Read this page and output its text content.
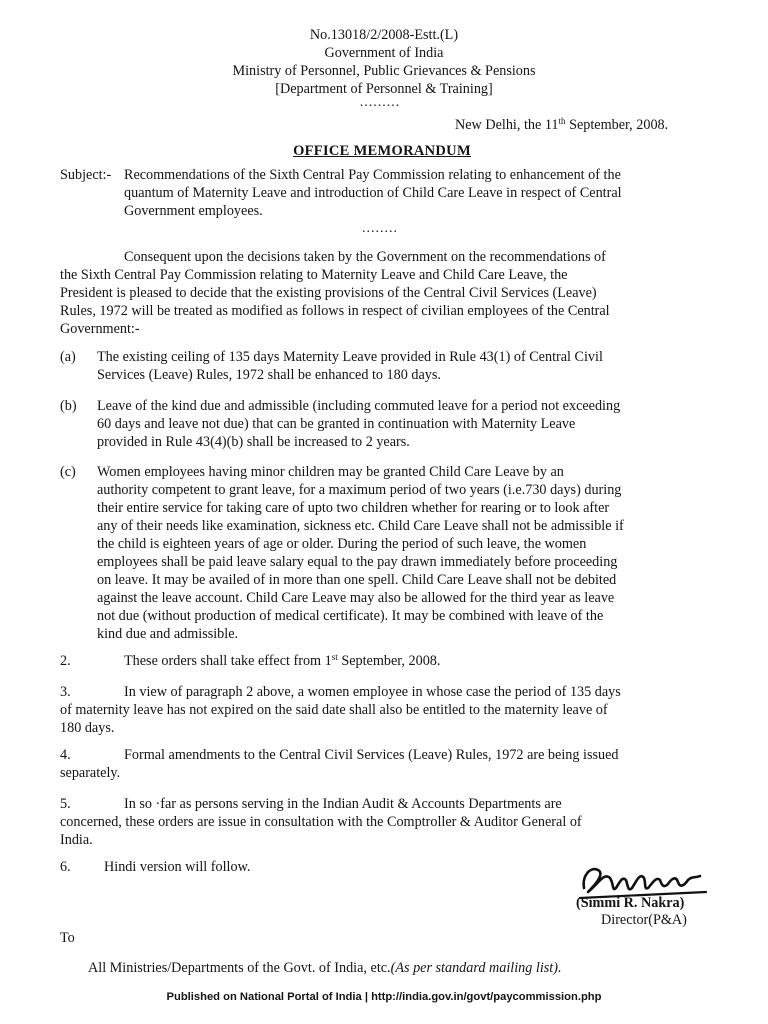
No.13018/2/2008-Estt.(L)
Government of India
Ministry of Personnel, Public Grievances & Pensions
[Department of Personnel & Training]
.........
New Delhi, the 11th September, 2008.
OFFICE MEMORANDUM
Subject:- Recommendations of the Sixth Central Pay Commission relating to enhancement of the
quantum of Maternity Leave and introduction of Child Care Leave in respect of Central
Government employees.
........
Consequent upon the decisions taken by the Government on the recommendations of
the Sixth Central Pay Commission relating to Maternity Leave and Child Care Leave, the
President is pleased to decide that the existing provisions of the Central Civil Services (Leave)
Rules, 1972 will be treated as modified as follows in respect of civilian employees of the Central
Government:-
(a) The existing ceiling of 135 days Maternity Leave provided in Rule 43(1) of Central Civil
Services (Leave) Rules, 1972 shall be enhanced to 180 days.
(b) Leave of the kind due and admissible (including commuted leave for a period not exceeding
60 days and leave not due) that can be granted in continuation with Maternity Leave
provided in Rule 43(4)(b) shall be increased to 2 years.
(c) Women employees having minor children may be granted Child Care Leave by an
authority competent to grant leave, for a maximum period of two years (i.e.730 days) during
their entire service for taking care of upto two children whether for rearing or to look after
any of their needs like examination, sickness etc. Child Care Leave shall not be admissible if
the child is eighteen years of age or older. During the period of such leave, the women
employees shall be paid leave salary equal to the pay drawn immediately before proceeding
on leave. It may be availed of in more than one spell. Child Care Leave shall not be debited
against the leave account. Child Care Leave may also be allowed for the third year as leave
not due (without production of medical certificate). It may be combined with leave of the
kind due and admissible.
2.	These orders shall take effect from 1st September, 2008.
3.	In view of paragraph 2 above, a women employee in whose case the period of 135 days
of maternity leave has not expired on the said date shall also be entitled to the maternity leave of
180 days.
4.	Formal amendments to the Central Civil Services (Leave) Rules, 1972 are being issued
separately.
5.	In so ·far as persons serving in the Indian Audit & Accounts Departments are
concerned, these orders are issue in consultation with the Comptroller & Auditor General of
India.
6. Hindi version will follow.
(Simmi R. Nakra)
Director(P&A)
To
All Ministries/Departments of the Govt. of India, etc.(As per standard mailing list).
Published on National Portal of India | http://india.gov.in/govt/paycommission.php
